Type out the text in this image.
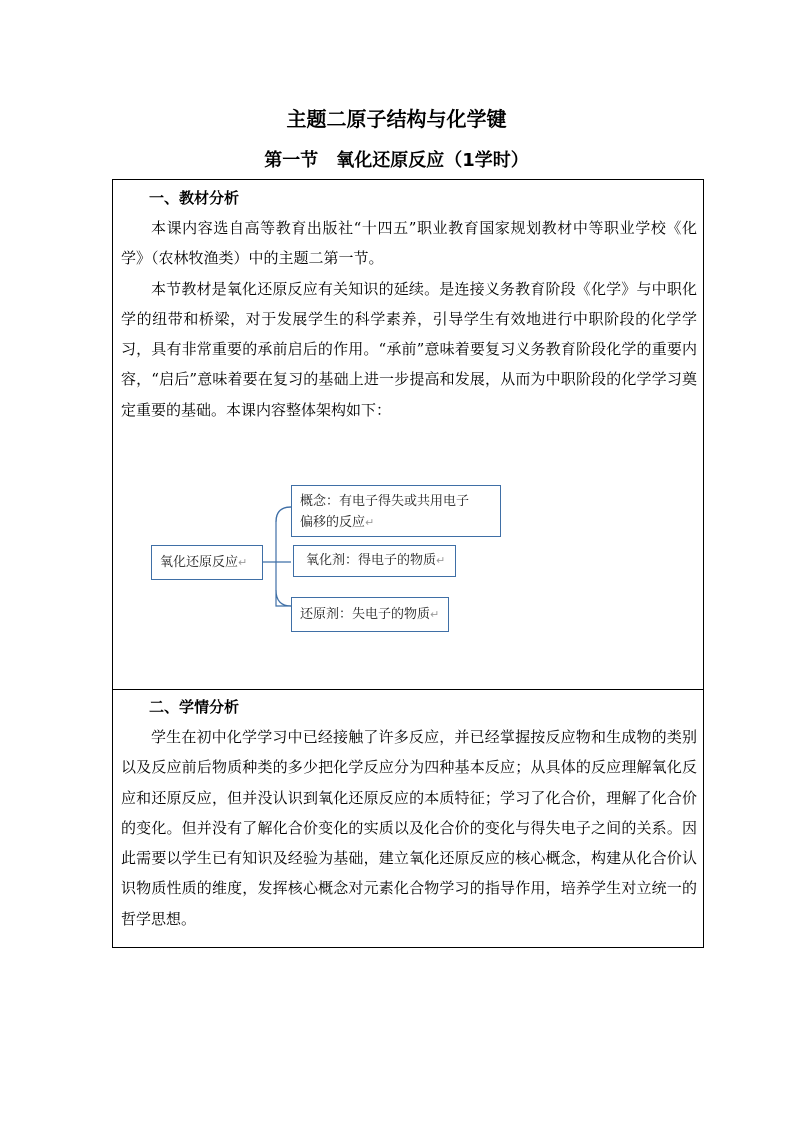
主题二原子结构与化学键
第一节　氧化还原反应（1学时）
一、教材分析

本课内容选自高等教育出版社“十四五”职业教育国家规划教材中等职业学校《化学》（农林牧渔类）中的主题二第一节。

本节教材是氧化还原反应有关知识的延续。是连接义务教育阶段《化学》与中职化学的纽带和桥梁，对于发展学生的科学素养，引导学生有效地进行中职阶段的化学学习，具有非常重要的承前启后的作用。“承前”意味着要复习义务教育阶段化学的重要内容，“启后”意味着要在复习的基础上进一步提高和发展，从而为中职阶段的化学学习奠定重要的基础。本课内容整体架构如下：

氧化还原反应↵
概念：有电子得失或共用电子
偏移的反应↵
氧化剂：得电子的物质↵
还原剂：失电子的物质↵
二、学情分析

学生在初中化学学习中已经接触了许多反应，并已经掌握按反应物和生成物的类别以及反应前后物质种类的多少把化学反应分为四种基本反应；从具体的反应理解氧化反应和还原反应，但并没认识到氧化还原反应的本质特征；学习了化合价，理解了化合价的变化。但并没有了解化合价变化的实质以及化合价的变化与得失电子之间的关系。因此需要以学生已有知识及经验为基础，建立氧化还原反应的核心概念，构建从化合价认识物质性质的维度，发挥核心概念对元素化合物学习的指导作用，培养学生对立统一的哲学思想。
